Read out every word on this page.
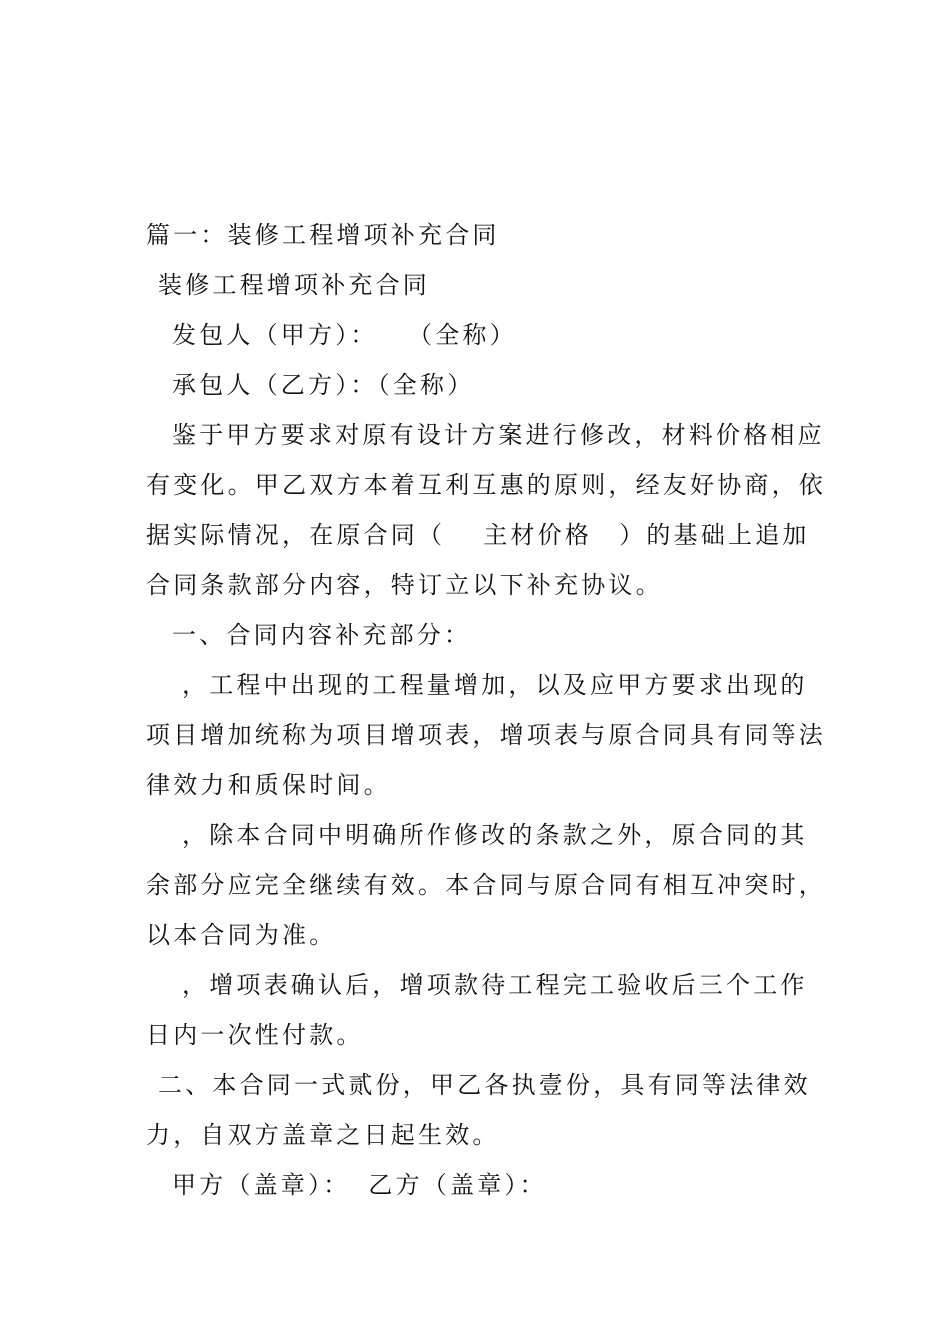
篇一：装修工程增项补充合同

装修工程增项补充合同

发包人（甲方）：　　（全称）

承包人（乙方）：（全称）

鉴于甲方要求对原有设计方案进行修改，材料价格相应有变化。甲乙双方本着互利互惠的原则，经友好协商，依据实际情况，在原合同（　 主材价格　）的基础上追加合同条款部分内容，特订立以下补充协议。

一、合同内容补充部分：

，工程中出现的工程量增加，以及应甲方要求出现的项目增加统称为项目增项表，增项表与原合同具有同等法律效力和质保时间。

，除本合同中明确所作修改的条款之外，原合同的其余部分应完全继续有效。本合同与原合同有相互冲突时，以本合同为准。

，增项表确认后，增项款待工程完工验收后三个工作日内一次性付款。

二、本合同一式贰份，甲乙各执壹份，具有同等法律效力，自双方盖章之日起生效。

甲方（盖章）： 乙方（盖章）：
